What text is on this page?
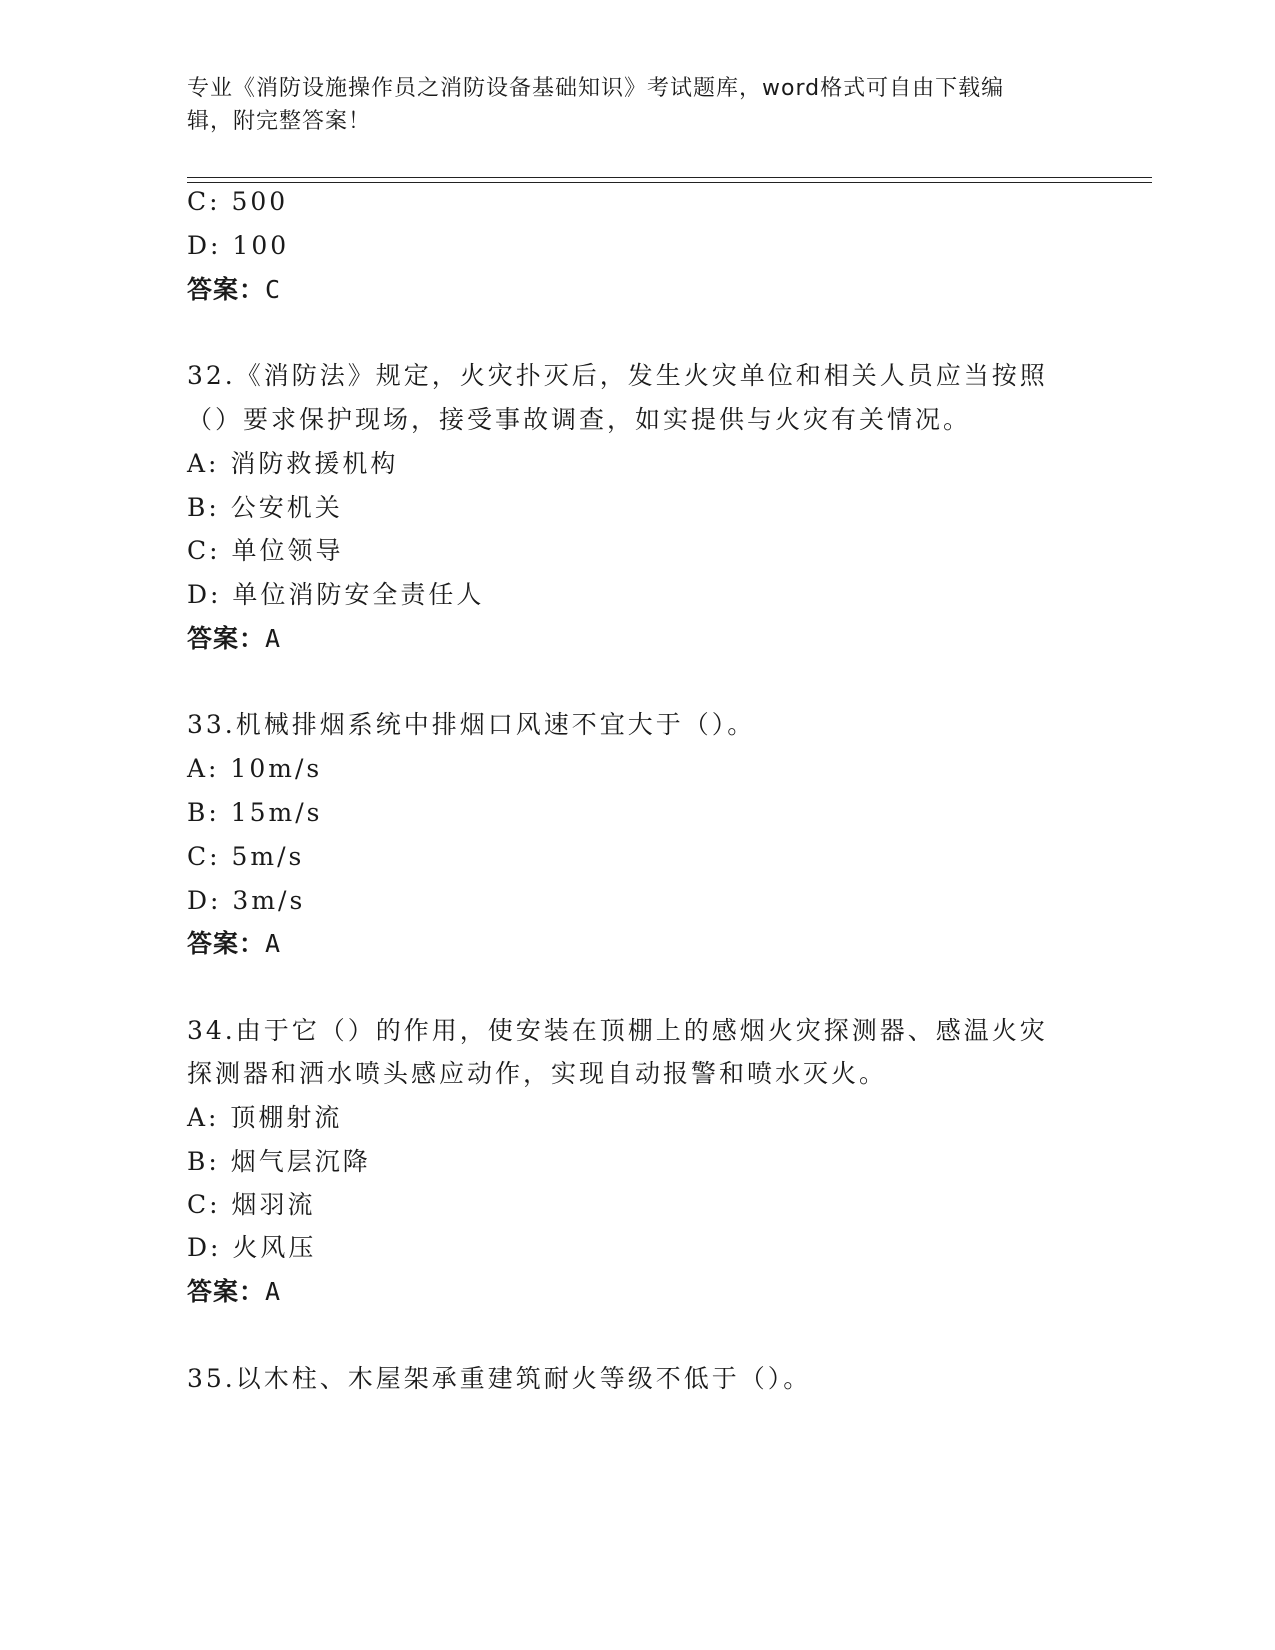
专业《消防设施操作员之消防设备基础知识》考试题库，word格式可自由下载编
辑，附完整答案！
C: 500
D: 100
答案：C
32.《消防法》规定，火灾扑灭后，发生火灾单位和相关人员应当按照
（）要求保护现场，接受事故调查，如实提供与火灾有关情况。
A: 消防救援机构
B: 公安机关
C: 单位领导
D: 单位消防安全责任人
答案：A
33.机械排烟系统中排烟口风速不宜大于（）。
A: 10m/s
B: 15m/s
C: 5m/s
D: 3m/s
答案：A
34.由于它（）的作用，使安装在顶棚上的感烟火灾探测器、感温火灾
探测器和洒水喷头感应动作，实现自动报警和喷水灭火。
A: 顶棚射流
B: 烟气层沉降
C: 烟羽流
D: 火风压
答案：A
35.以木柱、木屋架承重建筑耐火等级不低于（）。
